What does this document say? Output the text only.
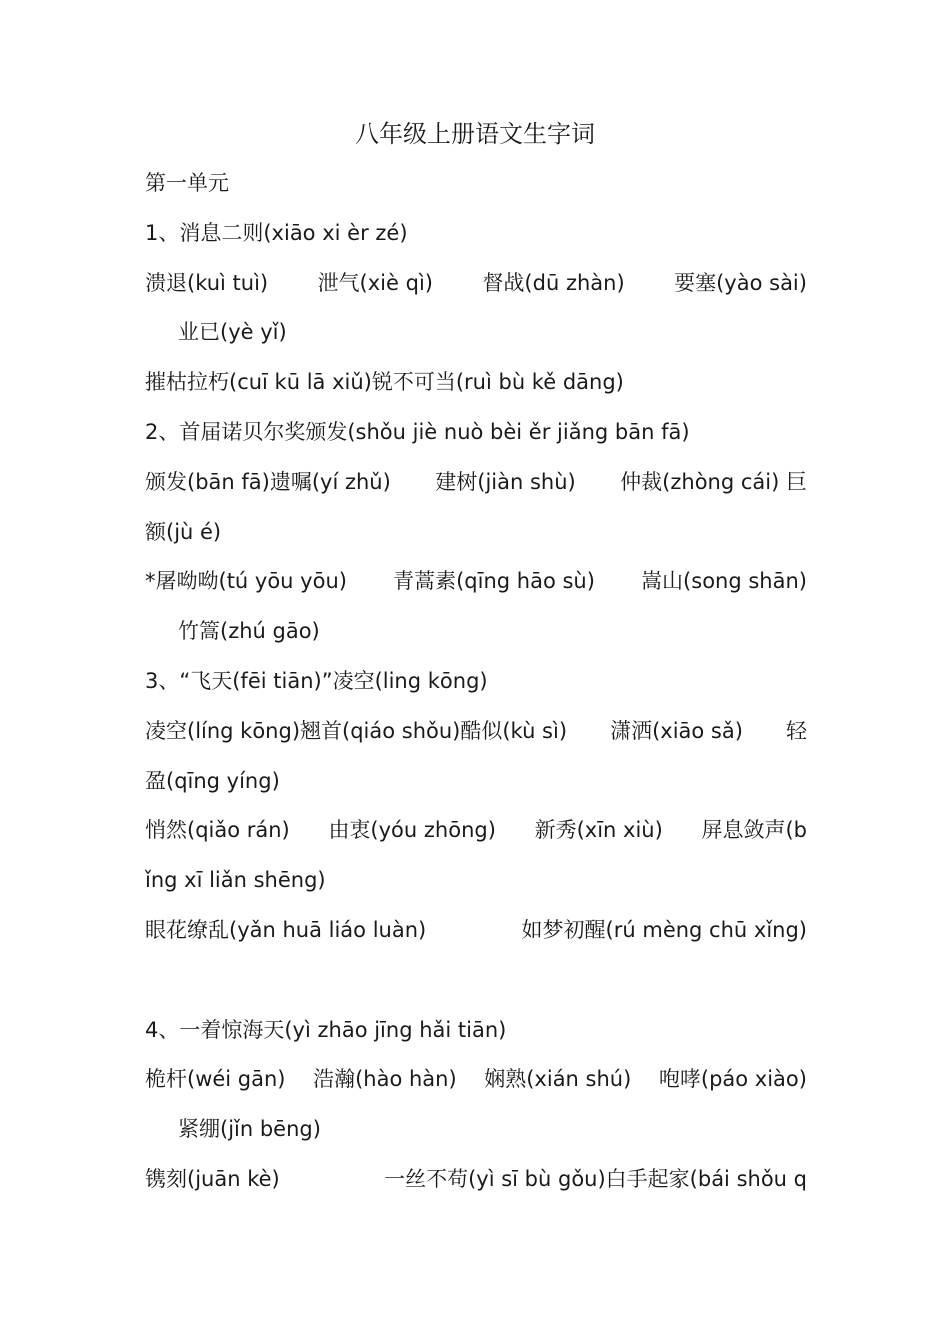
八年级上册语文生字词
第一单元
1、消息二则(xiāo xi èr zé)
溃退(kuì tuì) 泄气(xiè qì) 督战(dū zhàn) 要塞(yào sài)
业已(yè yǐ)
摧枯拉朽(cuī kū lā xiǔ)锐不可当(ruì bù kě dāng)
2、首届诺贝尔奖颁发(shǒu jiè nuò bèi ěr jiǎng bān fā)
颁发(bān fā)遗嘱(yí zhǔ) 建树(jiàn shù) 仲裁(zhòng cái) 巨
额(jù é)
*屠呦呦(tú yōu yōu) 青蒿素(qīng hāo sù) 嵩山(song shān)
竹篙(zhú gāo)
3、“飞天(fēi tiān)”凌空(ling kōng)
凌空(líng kōng)翘首(qiáo shǒu)酷似(kù sì) 潇洒(xiāo sǎ) 轻
盈(qīng yíng)
悄然(qiǎo rán) 由衷(yóu zhōng) 新秀(xīn xiù) 屏息敛声(b
ǐng xī liǎn shēng)
眼花缭乱(yǎn huā liáo luàn)	如梦初醒(rú mèng chū xǐng)
4、一着惊海天(yì zhāo jīng hǎi tiān)
桅杆(wéi gān) 浩瀚(hào hàn) 娴熟(xián shú) 咆哮(páo xiào)
紧绷(jǐn bēng)
镌刻(juān kè)	一丝不苟(yì sī bù gǒu)白手起家(bái shǒu q
